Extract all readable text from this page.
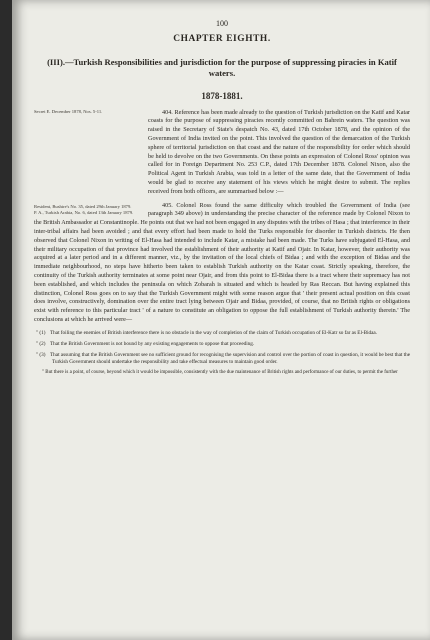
100
CHAPTER EIGHTH.
(III).—Turkish Responsibilities and jurisdiction for the purpose of suppressing piracies in Katif waters.
1878-1881.

Secret E. December 1878, Nos. 5-11.

Resident, Bushire's No. 35, dated 29th January 1879.
P. A., Turkish Arabia, No. 6, dated 13th January 1879.
404. Reference has been made already to the question of Turkish jurisdiction on the Katif and Katar coasts for the purpose of suppressing piracies recently committed on Bahrein waters. The question was raised in the Secretary of State's despatch No. 43, dated 17th October 1878, and the opinion of the Government of India invited on the point. This involved the question of the demarcation of the Turkish sphere of territorial jurisdiction on that coast and the nature of the responsibility for order which should be held to devolve on the two Governments. On these points an expression of Colonel Ross' opinion was called for in Foreign Department No. 253 C.P., dated 17th December 1878. Colonel Nixon, also the Political Agent in Turkish Arabia, was told in a letter of the same date, that the Government of India would be glad to receive any statement of his views which he might desire to submit. The replies received from both officers, are summarised below :—

405. Colonel Ross found the same difficulty which troubled the Government of India (see paragraph 349 above) in understanding the precise character of the reference made by Colonel Nixon to the British Ambassador at Constantinople. He points out that we had not been engaged in any disputes with the tribes of Hasa ; that interference in their inter-tribal affairs had been avoided ; and that every effort had been made to hold the Turks responsible for disorder in Turkish districts. He then observed that Colonel Nixon in writing of El-Hasa had intended to include Katar, a mistake had been made. The Turks have subjugated El-Hasa, and their military occupation of that province had involved the establishment of their authority at Katif and Ojair. In Katar, however, their authority was acquired at a later period and in a different manner, viz., by the invitation of the local chiefs of Bidaa ; and with the exception of Bidaa and the immediate neighbourhood, no steps have hitherto been taken to establish Turkish authority on the Katar coast. Strictly speaking, therefore, the continuity of the Turkish authority terminates at some point near Ojair, and from this point to El-Bidaa there is a tract where their supremacy has not been established, and which includes the peninsula on which Zobarah is situated and which is headed by Ras Reccan. But having explained this distinction, Colonel Ross goes on to say that the Turkish Government might with some reason argue that ' their present actual position on this coast does involve, constructively, domination over the entire tract lying between Ojair and Bidaa, provided, of course, that no British rights or obligations exist with reference to this particular tract ' of a nature to constitute an obligation to oppose the full establishment of Turkish authority therein.' The conclusions at which he arrived were—

" (1) That foiling the enemies of British interference there is no obstacle in the way of completion of the claim of Turkish occupation of El-Katr so far as El-Bidaa.
" (2) That the British Government is not bound by any existing engagements to oppose that proceeding.
" (3) That assuming that the British Government see no sufficient ground for recognising the supervision and control over the portion of coast in question, it would be best that the Turkish Government should undertake the responsibility and take effectual measures to maintain good order.
" But there is a point, of course, beyond which it would be impossible, consistently with the due maintenance of British rights and performance of our duties, to permit the further
